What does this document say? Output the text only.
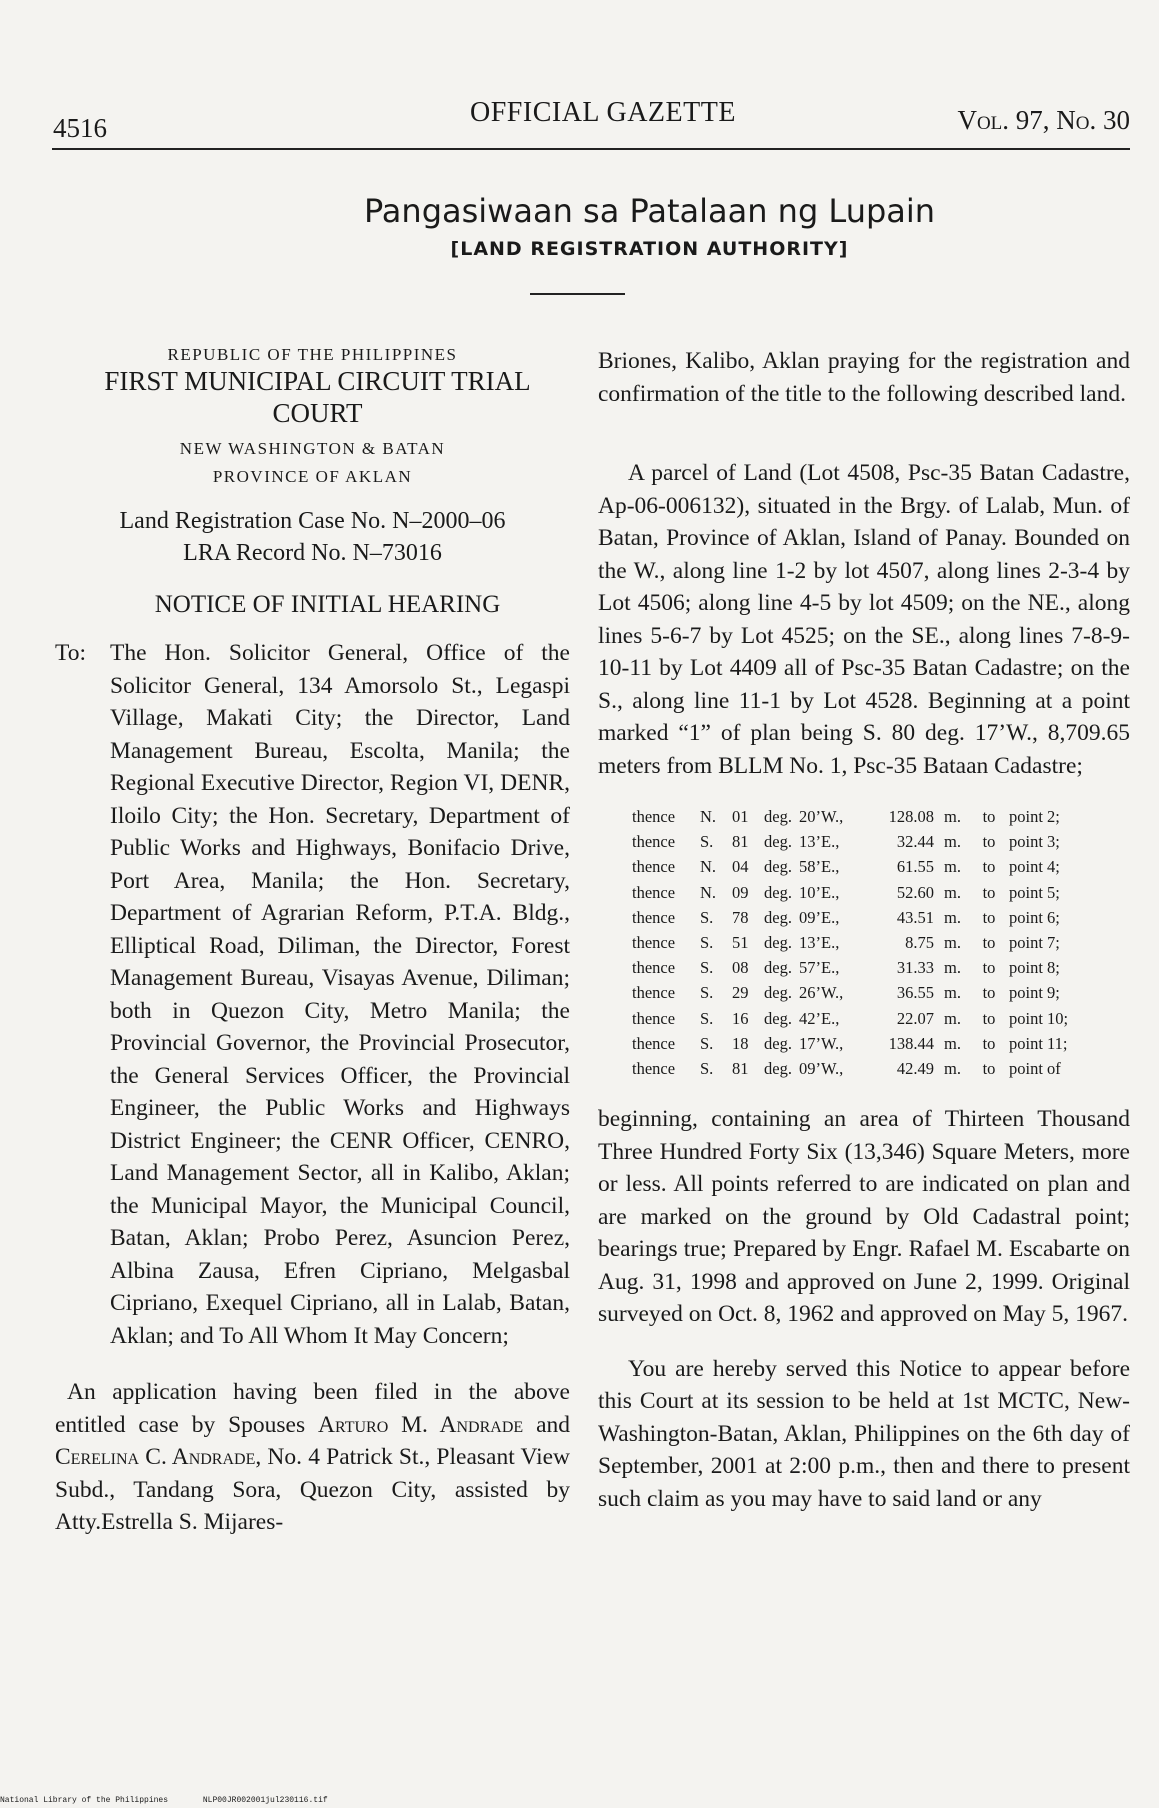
4516	OFFICIAL GAZETTE	Vol. 97, No. 30
Pangasiwaan sa Patalaan ng Lupain
[LAND REGISTRATION AUTHORITY]
REPUBLIC OF THE PHILIPPINES
FIRST MUNICIPAL CIRCUIT TRIAL COURT
NEW WASHINGTON & BATAN
PROVINCE OF AKLAN
Land Registration Case No. N–2000–06
LRA Record No. N–73016
NOTICE OF INITIAL HEARING
To:	The Hon. Solicitor General, Office of the Solicitor General, 134 Amorsolo St., Legaspi Village, Makati City; the Director, Land Management Bureau, Escolta, Manila; the Regional Executive Director, Region VI, DENR, Iloilo City; the Hon. Secretary, Department of Public Works and Highways, Bonifacio Drive, Port Area, Manila; the Hon. Secretary, Department of Agrarian Reform, P.T.A. Bldg., Elliptical Road, Diliman, the Director, Forest Management Bureau, Visayas Avenue, Diliman; both in Quezon City, Metro Manila; the Provincial Governor, the Provincial Prosecutor, the General Services Officer, the Provincial Engineer, the Public Works and Highways District Engineer; the CENR Officer, CENRO, Land Management Sector, all in Kalibo, Aklan; the Municipal Mayor, the Municipal Council, Batan, Aklan; Probo Perez, Asuncion Perez, Albina Zausa, Efren Cipriano, Melgasbal Cipriano, Exequel Cipriano, all in Lalab, Batan, Aklan; and To All Whom It May Concern;

An application having been filed in the above entitled case by Spouses Arturo M. Andrade and Cerelina C. Andrade, No. 4 Patrick St., Pleasant View Subd., Tandang Sora, Quezon City, assisted by Atty.Estrella S. Mijares-

Briones, Kalibo, Aklan praying for the registration and confirmation of the title to the following described land.

A parcel of Land (Lot 4508, Psc-35 Batan Cadastre, Ap-06-006132), situated in the Brgy. of Lalab, Mun. of Batan, Province of Aklan, Island of Panay. Bounded on the W., along line 1-2 by lot 4507, along lines 2-3-4 by Lot 4506; along line 4-5 by lot 4509; on the NE., along lines 5-6-7 by Lot 4525; on the SE., along lines 7-8-9-10-11 by Lot 4409 all of Psc-35 Batan Cadastre; on the S., along line 11-1 by Lot 4528. Beginning at a point marked “1” of plan being S. 80 deg. 17’W., 8,709.65 meters from BLLM No. 1, Psc-35 Bataan Cadastre;

thence	N.	01	deg.	20’W.,	128.08	m.	to	point 2;
thence	S.	81	deg.	13’E.,	32.44	m.	to	point 3;
thence	N.	04	deg.	58’E.,	61.55	m.	to	point 4;
thence	N.	09	deg.	10’E.,	52.60	m.	to	point 5;
thence	S.	78	deg.	09’E.,	43.51	m.	to	point 6;
thence	S.	51	deg.	13’E.,	8.75	m.	to	point 7;
thence	S.	08	deg.	57’E.,	31.33	m.	to	point 8;
thence	S.	29	deg.	26’W.,	36.55	m.	to	point 9;
thence	S.	16	deg.	42’E.,	22.07	m.	to	point 10;
thence	S.	18	deg.	17’W.,	138.44	m.	to	point 11;
thence	S.	81	deg.	09’W.,	42.49	m.	to	point of

beginning, containing an area of Thirteen Thousand Three Hundred Forty Six (13,346) Square Meters, more or less. All points referred to are indicated on plan and are marked on the ground by Old Cadastral point; bearings true; Prepared by Engr. Rafael M. Escabarte on Aug. 31, 1998 and approved on June 2, 1999. Original surveyed on Oct. 8, 1962 and approved on May 5, 1967.

You are hereby served this Notice to appear before this Court at its session to be held at 1st MCTC, New-Washington-Batan, Aklan, Philippines on the 6th day of September, 2001 at 2:00 p.m., then and there to present such claim as you may have to said land or any

National Library of the Philippines	NLP00JR002001jul230116.tif
